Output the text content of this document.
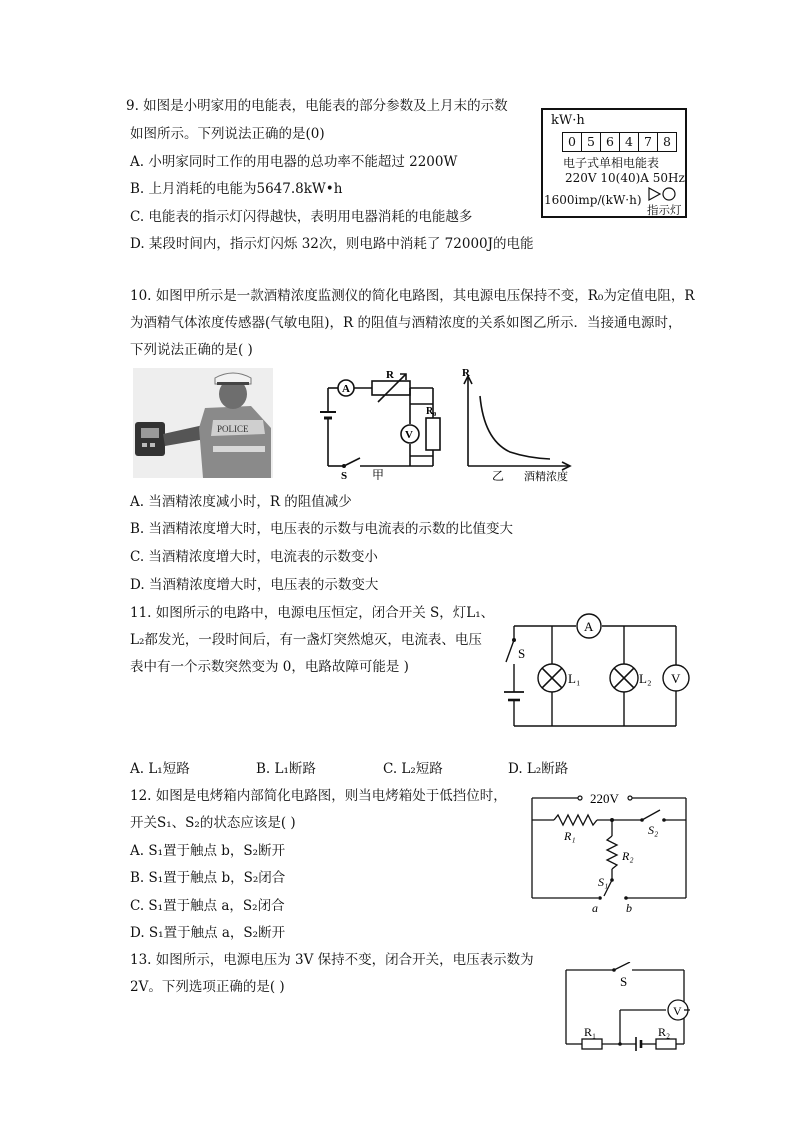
9. 如图是小明家用的电能表，电能表的部分参数及上月末的示数
如图所示。下列说法正确的是(0)
A. 小明家同时工作的用电器的总功率不能超过 2200W
B. 上月消耗的电能为5647.8kW•h
C. 电能表的指示灯闪得越快，表明用电器消耗的电能越多
D. 某段时间内，指示灯闪烁 32次，则电路中消耗了 72000J的电能
kW·h
0 5 6 4 7 8
电子式单相电能表
220V 10(40)A 50Hz
1600imp/ (kW·h)
指示灯
10. 如图甲所示是一款酒精浓度监测仪的简化电路图，其电源电压保持不变，R₀为定值电阻，R
为酒精气体浓度传感器(气敏电阻)，R 的阻值与酒精浓度的关系如图乙所示．当接通电源时，
下列说法正确的是( )
POLICE
A
V
R
R₀
S 甲
R
乙 酒精浓度
A. 当酒精浓度减小时，R 的阻值减少
B. 当酒精浓度增大时，电压表的示数与电流表的示数的比值变大
C. 当酒精浓度增大时，电流表的示数变小
D. 当酒精浓度增大时，电压表的示数变大
11. 如图所示的电路中，电源电压恒定，闭合开关 S，灯L₁、
L₂都发光，一段时间后，有一盏灯突然熄灭，电流表、电压
表中有一个示数突然变为 0，电路故障可能是 )
S
A
V
L₁	L₂
A. L₁短路	B. L₁断路	C. L₂短路	D. L₂断路
12. 如图是电烤箱内部简化电路图，则当电烤箱处于低挡位时，
开关S₁、S₂的状态应该是( )
A. S₁置于触点 b，S₂断开
B. S₁置于触点 b，S₂闭合
C. S₁置于触点 a，S₂闭合
D. S₁置于触点 a，S₂断开
220V
R₁	S₂
R₂
S₁
a b
13. 如图所示，电源电压为 3V 保持不变，闭合开关，电压表示数为
2V。下列选项正确的是( )	S
V
R₁	R₂
